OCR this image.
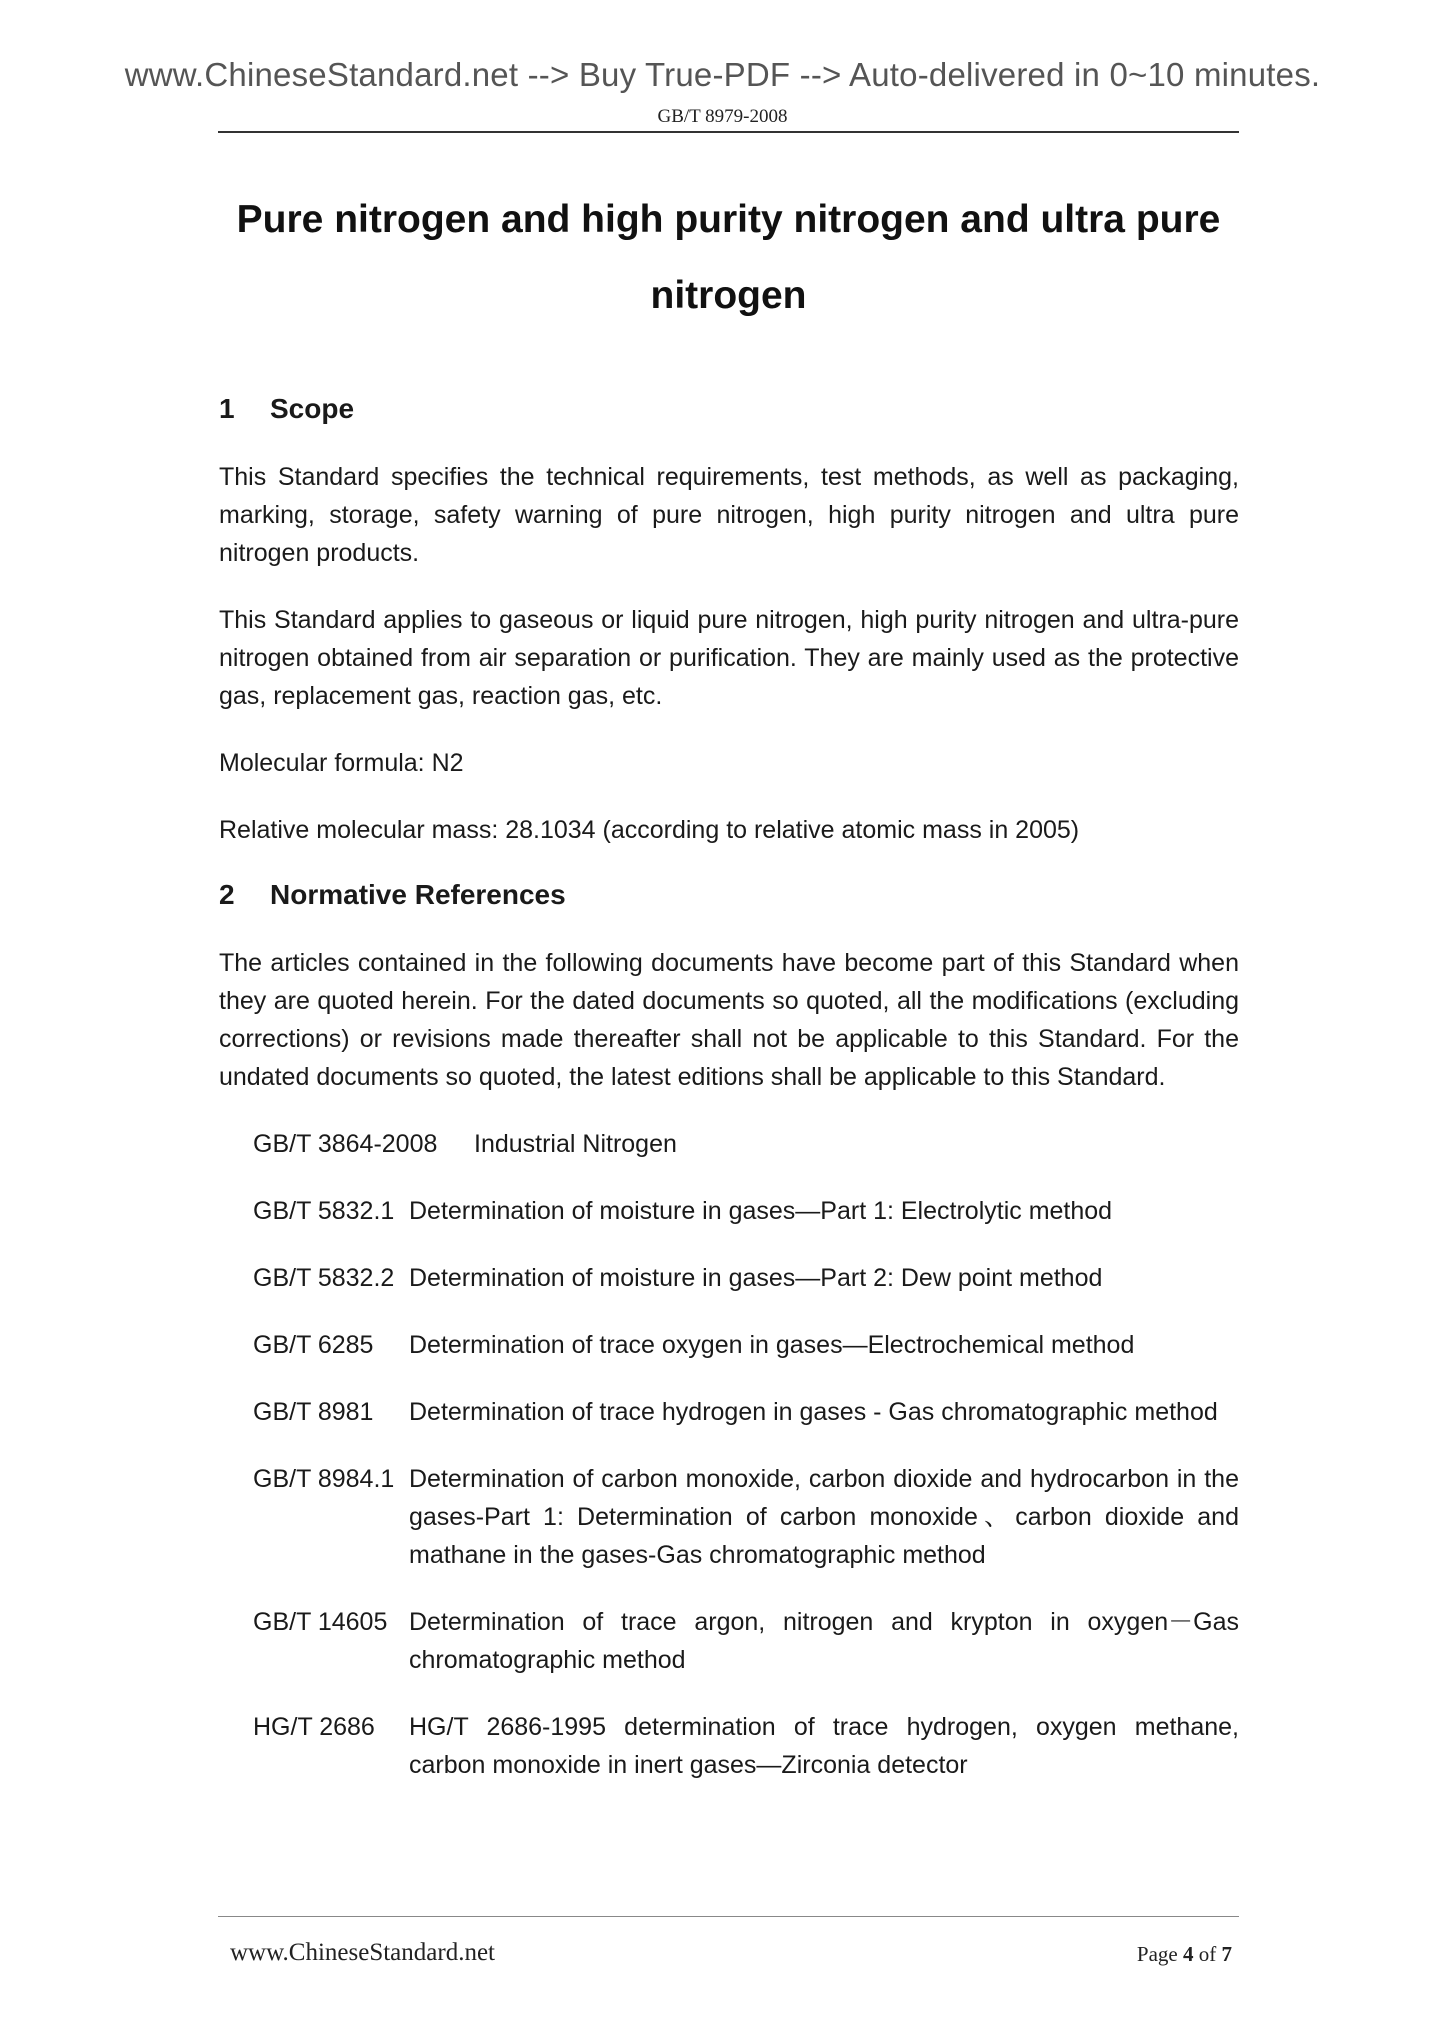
www.ChineseStandard.net --> Buy True-PDF --> Auto-delivered in 0~10 minutes.
GB/T 8979-2008
Pure nitrogen and high purity nitrogen and ultra pure
nitrogen
1	Scope

This Standard specifies the technical requirements, test methods, as well as packaging, marking, storage, safety warning of pure nitrogen, high purity nitrogen and ultra pure nitrogen products.

This Standard applies to gaseous or liquid pure nitrogen, high purity nitrogen and ultra-pure nitrogen obtained from air separation or purification. They are mainly used as the protective gas, replacement gas, reaction gas, etc.

Molecular formula: N2

Relative molecular mass: 28.1034 (according to relative atomic mass in 2005)

2	Normative References

The articles contained in the following documents have become part of this Standard when they are quoted herein. For the dated documents so quoted, all the modifications (excluding corrections) or revisions made thereafter shall not be applicable to this Standard. For the undated documents so quoted, the latest editions shall be applicable to this Standard.

GB/T 3864-2008	Industrial Nitrogen
GB/T 5832.1 Determination of moisture in gases—Part 1: Electrolytic method
GB/T 5832.2 Determination of moisture in gases—Part 2: Dew point method
GB/T 6285	Determination of trace oxygen in gases—Electrochemical method
GB/T 8981	Determination of trace hydrogen in gases - Gas chromatographic method
GB/T 8984.1 Determination of carbon monoxide, carbon dioxide and hydrocarbon in the gases-Part 1: Determination of carbon monoxide、carbon dioxide and mathane in the gases-Gas chromatographic method
GB/T 14605 Determination of trace argon, nitrogen and krypton in oxygen－Gas chromatographic method
HG/T 2686	HG/T 2686-1995 determination of trace hydrogen, oxygen methane, carbon monoxide in inert gases—Zirconia detector
www.ChineseStandard.net	Page 4 of 7
